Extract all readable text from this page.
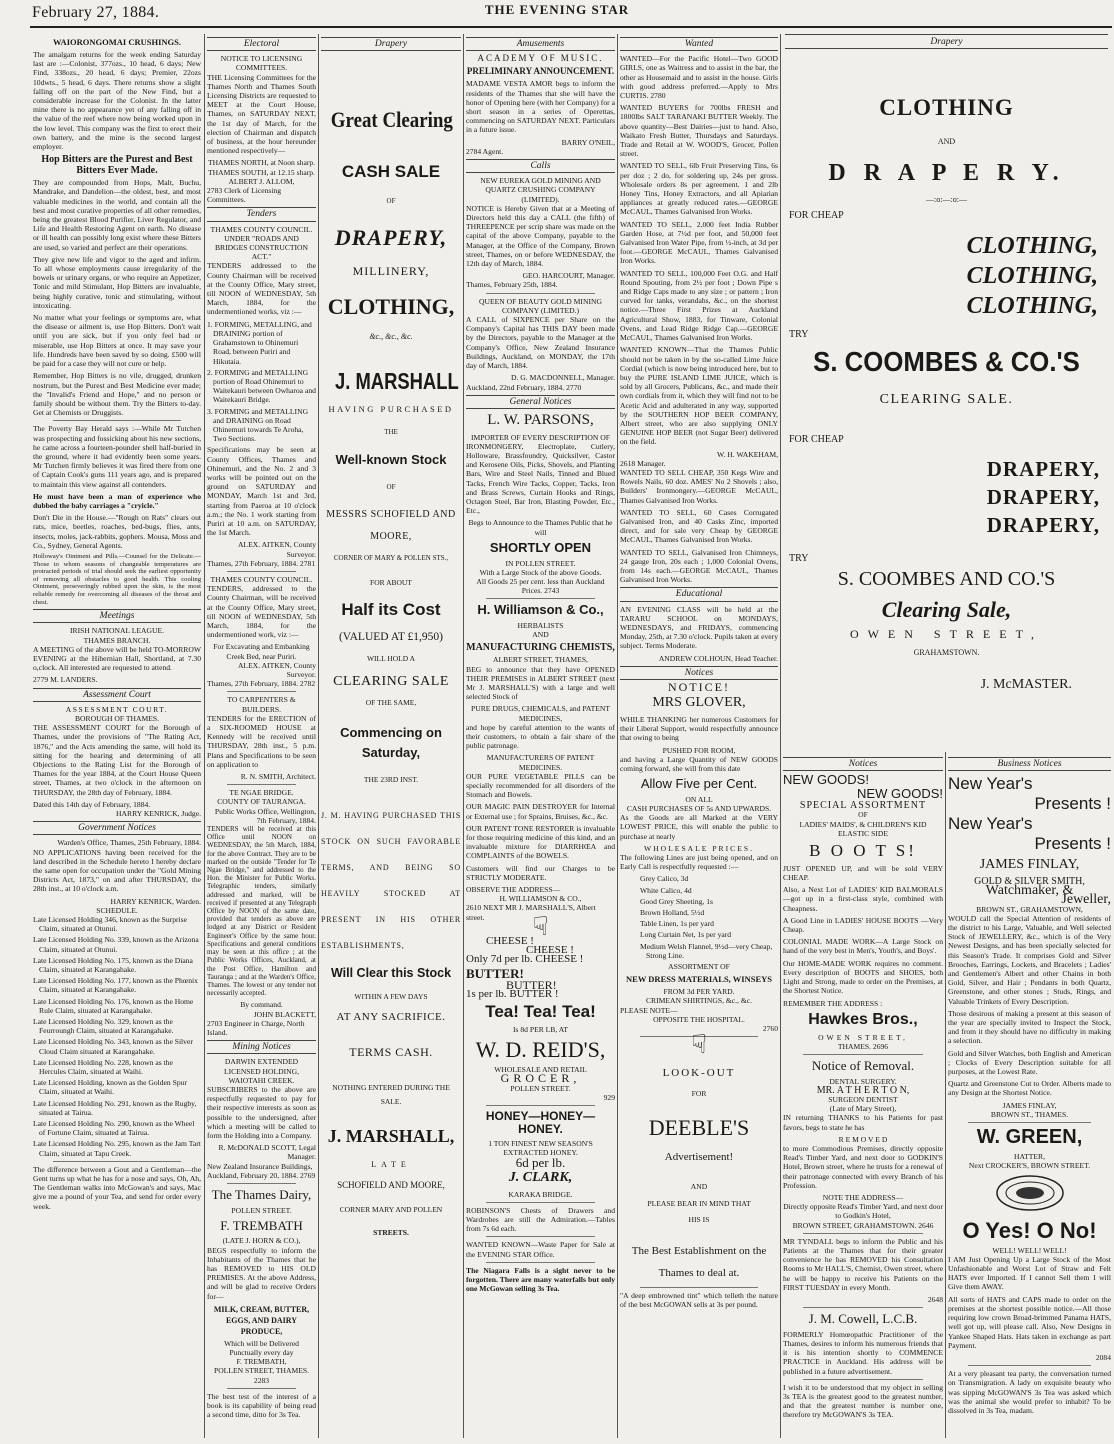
February 27, 1884.	THE EVENING STAR
WAIORONGOMAI CRUSHINGS.

The amalgam returns for the week ending Saturday last are :—Colonist, 377ozs., 10 head, 6 days; New Find, 338ozs., 20 head, 6 days; Premier, 22ozs 10dwts., 5 head, 6 days. There returns show a slight falling off on the part of the New Find, but a considerable increase for the Colonist. In the latter mine there is no appearance yet of any falling off in the value of the reef where now being worked upon in the low level. This company was the first to erect their own battery, and the mine is the second largest employer.

Hop Bitters are the Purest and Best Bitters Ever Made.

They are compounded from Hops, Malt, Buchu, Mandrake, and Dandelion—the oldest, best, and most valuable medicines in the world, and contain all the best and most curative properties of all other remedies, being the greatest Blood Purifier, Liver Regulator, and Life and Health Restoring Agent on earth. No disease or ill health can possibly long exist where these Bitters are used, so varied and perfect are their operations.

They give new life and vigor to the aged and infirm. To all whose employments cause irregularity of the bowels or urinary organs, or who require an Appetizer, Tonic and mild Stimulant, Hop Bitters are invaluable, being highly curative, tonic and stimulating, without intoxicating.

No matter what your feelings or symptoms are, what the disease or ailment is, use Hop Bitters. Don't wait until you are sick, but if you only feel bad or miserable, use Hop Bitters at once. It may save your life. Hundreds have been saved by so doing. £500 will be paid for a case they will not cure or help.

Remember, Hop Bitters is no vile, drugged, drunken nostrum, but the Purest and Best Medicine ever made; the "Invalid's Friend and Hope," and no person or family should be without them. Try the Bitters to-day. Get at Chemists or Druggists.

The Poverty Bay Herald says :—While Mr Tutchen was prospecting and fossicking about his new sections, he came across a fourteen-pounder shell half-buried in the ground, where it had evidently been some years. Mr Tutchen firmly believes it was fired there from one of Captain Cook's guns 111 years ago, and is prepared to maintain this view against all contenders.

He must have been a man of experience who dubbed the baby carriages a "cryicle."

Don't Die in the House.—"Rough on Rats" clears out rats, mice, beetles, roaches, bed-bugs, flies, ants, insects, moles, jack-rabbits, gophers. Mousa, Moss and Co., Sydney, General Agents.

Holloway's Ointment and Pills.—Counsel for the Delicate.—Those to whom seasons of changeable temperatures are protracted periods of trial should seek the earliest opportunity of removing all obstacles to good health. This cooling Ointment, perseveringly rubbed upon the skin, is the most reliable remedy for overcoming all diseases of the throat and chest.

Meetings
IRISH NATIONAL LEAGUE.
THAMES BRANCH.

A MEETING of the above will be held TO-MORROW EVENING at the Hibernian Hall, Shortland, at 7.30 o,clock. All interested are requested to attend.

2779 M. LANDERS.
Assessment Court
ASSESSMENT COURT.
BOROUGH OF THAMES.

THE ASSESSMENT COURT for the Borough of Thames, under the provisions of "The Rating Act, 1876," and the Acts amending the same, will hold its sitting for the hearing and determining of all Objections to the Rating List for the Borough of Thames for the year 1884, at the Court House Queen street, Thames, at two o'clock in the afternoon on THURSDAY, the 28th day of February, 1884.

Dated this 14th day of February, 1884.
HARRY KENRICK, Judge.
Government Notices
Warden's Office, Thames, 25th February, 1884.

NO APPLICATIONS having been received for the land described in the Schedule hereto I hereby declare the same open for occupation under the "Gold Mining Districts Act, 1873," on and after THURSDAY, the 28th inst., at 10 o'clock a.m.

HARRY KENRICK, Warden.
SCHEDULE.
Late Licensed Holding 346, known as the Surprise Claim, situated at Otunui.
Late Licensed Holding No. 339, known as the Arizona Claim, situated at Otunui.
Late Licensed Holding No. 175, known as the Diana Claim, situated at Karangahake.
Late Licensed Holding No. 177, known as the Phœnix Claim, situated at Karangahake.
Late Licensed Holding No. 176, known as the Home Rule Claim, situated at Karangahake.
Late Licensed Holding No. 329, known as the Feurroungh Claim, situated at Karangahake.
Late Licensed Holding No. 343, known as the Silver Cloud Claim situated at Karangahake.
Late Licensed Holding No. 228, known as the Hercules Claim, situated at Waihi.
Late Licensed Holding, known as the Golden Spur Claim, situated at Waihi.
Late Licensed Holding No. 291, known as the Rugby, situated at Tairua.
Late Licensed Holding No. 290, known as the Wheel of Fortune Claim, situated at Tairua.
Late Licensed Holding No. 295, known as the Jam Tart Claim, situated at Tapu Creek.

The difference between a Gout and a Gentleman—the Gent turns up what he has for a nose and says, Oh, Ah, The Gentleman walks into McGowan's and says, Mac give me a pound of your Tea, and send for order every week.

Electoral
NOTICE TO LICENSING COMMITTEES.

THE Licensing Committees for the Thames North and Thames South Licensing Districts are requested to MEET at the Court House, Thames, on SATURDAY NEXT, the 1st day of March, for the election of Chairman and dispatch of business, at the hour hereunder mentioned respectively—

THAMES NORTH, at Noon sharp.
THAMES SOUTH, at 12.15 sharp.
ALBERT J. ALLOM,
2783 Clerk of Licensing Committees.
Tenders
THAMES COUNTY COUNCIL.
UNDER "ROADS AND BRIDGES CONSTRUCTION ACT."

TENDERS addressed to the County Chairman will be received at the County Office, Mary street, till NOON of WEDNESDAY, 5th March, 1884, for the undermentioned works, viz :—

1. FORMING, METALLING, and DRAINING portion of Grahamstown to Ohinemuri Road, between Puriri and Hikutaia.
2. FORMING and METALLING portion of Road Ohinemuri to Waitekauri between Owharoa and Waitekauri Bridge.
3. FORMING and METALLING and DRAINING on Road Ohinemuri towards Te Aroha, Two Sections.

Specifications may be seen at County Offices, Thames and Ohinemuri, and the No. 2 and 3 works will be pointed out on the ground on SATURDAY and MONDAY, March 1st and 3rd, starting from Paeroa at 10 o'clock a.m.; the No. 1 work starting from Puriri at 10 a.m. on SATURDAY, the 1st March.

ALEX. AITKEN, County Surveyor.
Thames, 27th February, 1884. 2781
THAMES COUNTY COUNCIL.

TENDERS, addressed to the County Chairman, will be received at the County Office, Mary street, till NOON of WEDNESDAY, 5th March, 1884, for the undermentioned work, viz :—

For Excavating and Embanking Creek Bed, near Puriri.
ALEX. AITKEN, County Surveyor.
Thames, 27th February, 1884. 2782
TO CARPENTERS & BUILDERS.

TENDERS for the ERECTION of a SIX-ROOMED HOUSE at Kennedy will be received until THURSDAY, 28th inst., 5 p.m. Plans and Specifications to be seen on application to

R. N. SMITH, Architect.
TE NGAE BRIDGE.
COUNTY OF TAURANGA.
Public Works Office, Wellington, 7th February, 1884.

TENDERS will be received at this Office until NOON on WEDNESDAY, the 5th March, 1884, for the above Contract. They are to be marked on the outside "Tender for Te Ngae Bridge," and addressed to the Hon. the Minister for Public Works. Telegraphic tenders, similarly addressed and marked, will be received if presented at any Telegraph Office by NOON of the same date, provided that tenders as above are lodged at any District or Resident Engineer's Office by the same hour. Specifications and general conditions may be seen at this office ; at the Public Works Offices, Auckland, at the Post Office, Hamilton and Tauranga ; and at the Warden's Office, Thames. The lowest or any tender not necessarily accepted.

By command.
JOHN BLACKETT,
2703 Engineer in Charge, North Island.
Mining Notices
DARWIN EXTENDED LICENSED HOLDING, WAIOTAHI CREEK.

SUBSCRIBERS to the above are respectfully requested to pay for their respective interests as soon as possible to the undersigned, after which a meeting will be called to form the Holding into a Company.

R. McDONALD SCOTT, Legal Manager.
New Zealand Insurance Buildings, Auckland, February 20, 1884. 2769
The Thames Dairy,
POLLEN STREET.
F. TREMBATH
(LATE J. HORN & CO.),

BEGS respectfully to inform the Inhabitants of the Thames that he has REMOVED to HIS OLD PREMISES. At the above Address, and will be glad to receive Orders for—

MILK, CREAM, BUTTER, EGGS, AND DAIRY PRODUCE,
Which will be Delivered Punctually every day
F. TREMBATH,
POLLEN STREET, THAMES. 2283

The best test of the interest of a book is its capability of being read a second time, ditto for 3s Tea.

Drapery
Great Clearing
CASH SALE
OF
DRAPERY,
MILLINERY,
CLOTHING,
&c., &c., &c.
J. MARSHALL
HAVING PURCHASED
THE
Well-known Stock
OF
MESSRS SCHOFIELD AND MOORE,
CORNER OF MARY & POLLEN STS.,
FOR ABOUT
Half its Cost
(VALUED AT £1,950)
WILL HOLD A
CLEARING SALE
OF THE SAME,
Commencing on Saturday,
THE 23RD INST.
J. M. HAVING PURCHASED THIS STOCK ON SUCH FAVORABLE TERMS, AND BEING SO HEAVILY STOCKED AT PRESENT IN HIS OTHER ESTABLISHMENTS,
Will Clear this Stock
WITHIN A FEW DAYS
AT ANY SACRIFICE.
TERMS CASH.
NOTHING ENTERED DURING THE SALE.
J. MARSHALL,
LATE
SCHOFIELD AND MOORE,
CORNER MARY AND POLLEN
STREETS.
Amusements
ACADEMY OF MUSIC.
PRELIMINARY ANNOUNCEMENT.

MADAME VESTA AMOR begs to inform the residents of the Thames that she will have the honor of Opening here (with her Company) for a short season in a series of Operettas, commencing on SATURDAY NEXT. Particulars in a future issue.

BARRY O'NEIL,
2784 Agent.
Calls
NEW EUREKA GOLD MINING AND QUARTZ CRUSHING COMPANY (LIMITED).

NOTICE is Hereby Given that at a Meeting of Directors held this day a CALL (the fifth) of THREEPENCE per scrip share was made on the capital of the above Company, payable to the Manager, at the Office of the Company, Brown street, Thames, on or before WEDNESDAY, the 12th day of March, 1884.

GEO. HARCOURT, Manager.
Thames, February 25th, 1884.
QUEEN OF BEAUTY GOLD MINING COMPANY (LIMITED.)

A CALL of SIXPENCE per Share on the Company's Capital has THIS DAY been made by the Directors, payable to the Manager at the Company's Office, New Zealand Insurance Buildings, Auckland, on MONDAY, the 17th day of March, 1884.

D. G. MACDONNELL, Manager.
Auckland, 22nd February, 1884. 2770
General Notices
L. W. PARSONS,
IMPORTER OF EVERY DESCRIPTION OF

IRONMONGERY, Electroplate, Cutlery, Holloware, Brassfoundry, Quicksilver, Castor and Kerosene Oils, Picks, Shovels, and Planting Bars, Wire and Steel Nails, Tinned and Blued Tacks, French Wire Tacks, Copper, Tacks, Iron and Brass Screws, Curtain Hooks and Rings, Octagon Steel, Bar Iron, Blasting Powder, Etc., Etc.,

Begs to Announce to the Thames Public that he will
SHORTLY OPEN
IN POLLEN STREET.
With a Large Stock of the above Goods.
All Goods 25 per cent. less than Auckland Prices. 2743
H. Williamson & Co.,
HERBALISTS
AND
MANUFACTURING CHEMISTS,
ALBERT STREET, THAMES,

BEG to announce that they have OPENED THEIR PREMISES in ALBERT STREET (next Mr J. MARSHALL'S) with a large and well selected Stock of

PURE DRUGS, CHEMICALS, and PATENT MEDICINES,

and hope by careful attention to the wants of their customers, to obtain a fair share of the public patronage.

MANUFACTURERS OF PATENT MEDICINES.

OUR PURE VEGETABLE PILLS can be specially recommended for all disorders of the Stomach and Bowels.

OUR MAGIC PAIN DESTROYER for Internal or External use ; for Sprains, Bruises, &c., &c.

OUR PATENT TONE RESTORER is invaluable for those requiring medicine of this kind, and an invaluable mixture for DIARRHŒA and COMPLAINTS of the BOWELS.

Customers will find our Charges to be STRICTLY MODERATE.

OBSERVE THE ADDRESS—
H. WILLIAMSON & CO.,
2610 NEXT MR J. MARSHALL'S, Albert street.	☟
CHEESE !
CHEESE !
Only 7d per lb. CHEESE !
BUTTER!
BUTTER!
1s per lb. BUTTER !
Tea! Tea! Tea!
Is 8d PER LB, AT
W. D. REID'S,
WHOLESALE AND RETAIL
GROCER,
POLLEN STREET.
929
HONEY—HONEY—HONEY.
1 TON FINEST NEW SEASON'S EXTRACTED HONEY.
6d per lb.
J. CLARK,
KARAKA BRIDGE.

ROBINSON'S Chests of Drawers and Wardrobes are still the Admiration.—Tables from 7s 6d each.

WANTED KNOWN—Waste Paper for Sale at the EVENING STAR Office.

The Niagara Falls is a sight never to be forgotten. There are many waterfalls but only one McGowan selling 3s Tea.

Wanted

WANTED—For the Pacific Hotel—Two GOOD GIRLS, one as Waitress and to assist in the bar, the other as Housemaid and to assist in the house. Girls with good address preferred.—Apply to Mrs CURTIS. 2780

WANTED BUYERS for 700lbs FRESH and 1800lbs SALT TARANAKI BUTTER Weekly. The above quantity—Best Dairies—just to hand. Also, Waikato Fresh Butter, Thursdays and Saturdays. Trade and Retail at W. WOOD'S, Grocer, Pollen street.

WANTED TO SELL, 6lb Fruit Preserving Tins, 6s per doz ; 2 do, for soldering up, 24s per gross. Wholesale orders 8s per agreement. 1 and 2lb Honey Tins, Honey Extractors, and all Apiarian appliances at greatly reduced rates.—GEORGE McCAUL, Thames Galvanised Iron Works.

WANTED TO SELL, 2,000 feet India Rubber Garden Hose, at 7½d per foot, and 50,000 feet Galvanised Iron Water Pipe, from ½-inch, at 3d per foot.—GEORGE McCAUL, Thames Galvanised Iron Works.

WANTED TO SELL, 100,000 Feet O.G. and Half Round Spouting, from 2½ per foot ; Down Pipe s and Ridge Caps made to any size ; or pattern ; Iron curved for tanks, verandahs, &c., on the shortest notice.—Three First Prizes at Auckland Agricultural Show, 1883, for Tinware, Colonial Ovens, and Lead Ridge Ridge Cap.—GEORGE McCAUL, Thames Galvanised Iron Works.

WANTED KNOWN—That the Thames Public should not be taken in by the so-called Lime Juice Cordial (which is now being introduced here, but to buy the PURE ISLAND LIME JUICE, which is sold by all Grocers, Publicans, &c., and made their own cordials from it, which they will find not to be Acetic Acid and adulterated in any way, supported by the SOUTHERN HOP BEER COMPANY, Albert street, who are also supplying ONLY GENUINE HOP BEER (not Sugar Beer) delivered on the field.

W. H. WAKEHAM,
2618 Manager.

WANTED TO SELL CHEAP, 350 Kegs Wire and Rowels Nails, 60 doz. AMES' No 2 Shovels ; also, Builders' Ironmongery.—GEORGE McCAUL, Thames Galvanised Iron Works.

WANTED TO SELL, 60 Cases Corrugated Galvanised Iron, and 40 Casks Zinc, imported direct, and for sale very Cheap by GEORGE McCAUL, Thames Galvanised Iron Works.

WANTED TO SELL, Galvanised Iron Chimneys, 24 gauge Iron, 20s each ; 1,000 Colonial Ovens, from 14s each.—GEORGE McCAUL, Thames Galvanised Iron Works.

Educational

AN EVENING CLASS will be held at the TARARU SCHOOL on MONDAYS, WEDNESDAYS, and FRIDAYS, commencing Monday, 25th, at 7.30 o'clock. Pupils taken at every subject. Terms Moderate.

ANDREW COLHOUN, Head Teacher.
Notices
NOTICE!
MRS GLOVER,

WHILE THANKING her numerous Customers for their Liberal Support, would respectfully announce that owing to being

PUSHED FOR ROOM,

and having a Large Quantity of NEW GOODS coming forward, she will from this date

Allow Five per Cent.
ON ALL
CASH PURCHASES OF 5s AND UPWARDS.

As the Goods are all Marked at the VERY LOWEST PRICE, this will enable the public to purchase at nearly

WHOLESALE PRICES.

The following Lines are just being opened, and on Early Call is respectfully requested :—

Grey Calico, 3d
White Calico, 4d
Good Grey Sheeting, 1s
Brown Holland, 5½d
Table Linen, 1s per yard
Long Curtain Net, 1s per yard
Medium Welsh Flannel, 9½d—very Cheap, Strong Line.
ASSORTMENT OF
NEW DRESS MATERIALS, WINSEYS
FROM 3d PER YARD.
CRIMEAN SHIRTINGS, &c., &c.
PLEASE NOTE—
OPPOSITE THE HOSPITAL.
2760
☟
LOOK-OUT
FOR
DEEBLE'S
Advertisement!
AND
PLEASE BEAR IN MIND THAT
HIS IS
The Best Establishment on the Thames to deal at.

"A deep embrowned tint" which telleth the nature of the best McGOWAN sells at 3s per pound.

Drapery
CLOTHING
AND
D R A P E R Y.
—:o:—:o:—
FOR CHEAP
CLOTHING,
CLOTHING,
CLOTHING,
TRY
S. COOMBES & CO.'S
CLEARING SALE.
FOR CHEAP
DRAPERY,
DRAPERY,
DRAPERY,
TRY
S. COOMBES AND CO.'S
Clearing Sale,
OWEN STREET,
GRAHAMSTOWN.
J. McMASTER.
Notices
NEW GOODS!
NEW GOODS!
SPECIAL ASSORTMENT
OF
LADIES' MAIDS', & CHILDREN'S KID ELASTIC SIDE
B O O T S!

JUST OPENED UP, and will be sold VERY CHEAP.

Also, a Next Lot of LADIES' KID BALMORALS—got up in a first-class style, combined with Cheapness.

A Good Line in LADIES' HOUSE BOOTS —Very Cheap.

COLONIAL MADE WORK—A Large Stock on hand of the very best in Men's, Youth's, and Boys'.

Our HOME-MADE WORK requires no comment. Every description of BOOTS and SHOES, both Light and Strong, made to order on the Premises, at the Shortest Notice.

REMEMBER THE ADDRESS :
Hawkes Bros.,
OWEN STREET,
THAMES. 2696
Notice of Removal.
DENTAL SURGERY.
MR. A T H E R T O N,
SURGEON DENTIST
(Late of Mary Street),

IN returning THANKS to his Patients for past favors, begs to state he has

R E M O V E D

to more Commodious Premises, directly opposite Read's Timber Yard, and next door to GODKIN'S Hotel, Brown street, where he trusts for a renewal of their patronage connected with every Branch of his Profession.

NOTE THE ADDRESS—
Directly opposite Read's Timber Yard, and next door to Godkin's Hotel,
BROWN STREET, GRAHAMSTOWN. 2646

MR TYNDALL begs to inform the Public and his Patients at the Thames that for their greater convenience he has REMOVED his Consultation Rooms to Mr HALL'S, Chemist, Owen street, where he will be happy to receive his Patients on the FIRST TUESDAY in every Month.

2648
J. M. Cowell, L.C.B.

FORMERLY Homœopathic Practitioner of the Thames, desires to inform his numerous friends that it is his intention shortly to COMMENCE PRACTICE in Auckland. His address will be published in a future advertisement.

I wish it to be understood that my object in selling 3s TEA is the greatest good to the greatest number, and that the greatest number is number one, therefore try McGOWAN'S 3s TEA.

Business Notices
New Year's
Presents !
New Year's
Presents !
JAMES FINLAY,
GOLD & SILVER SMITH,
Watchmaker, &
Jeweller,
BROWN ST., GRAHAMSTOWN,

WOULD call the Special Attention of residents of the district to his Large, Valuable, and Well selected Stock of JEWELLERY, &c., which is of the Very Newest Designs, and has been specially selected for this Season's Trade. It comprises Gold and Silver Brooches, Earrings, Lockets, and Bracelets ; Ladies' and Gentlemen's Albert and other Chains in both Gold, Silver, and Hair ; Pendants in both Quartz, Greenstone, and other stones ; Studs, Rings, and Valuable Trinkets of Every Description.

Those desirous of making a present at this season of the year are specially invited to Inspect the Stock, and from it they should have no difficulty in making a selection.

Gold and Silver Watches, both English and American ; Clocks of Every Description suitable for all purposes, at the Lowest Rate.

Quartz and Greenstone Cut to Order. Alberts made to any Design at the Shortest Notice.

JAMES FINLAY,
BROWN ST., THAMES.
W. GREEN,
HATTER,
Next CROCKER'S, BROWN STREET.
O Yes! O No!
WELL! WELL! WELL!

I AM Just Opening Up a Large Stock of the Most Unfashionable and Worst Lot of Straw and Felt HATS ever Imported. If I cannot Sell them I will Give them AWAY.

All sorts of HATS and CAPS made to order on the premises at the shortest possible notice.—All those requiring low crown Broad-brimmed Panama HATS, well got up, will please call. Also, New Designs in Yankee Shaped Hats. Hats taken in exchange as part Payment.

2084

At a very pleasant tea party, the conversation turned on Transmigration. A lady on exquisite beauty who was sipping McGOWAN'S 3s Tea was asked which was the animal she would prefer to inhabit? To be dissolved in 3s Tea, madam.
